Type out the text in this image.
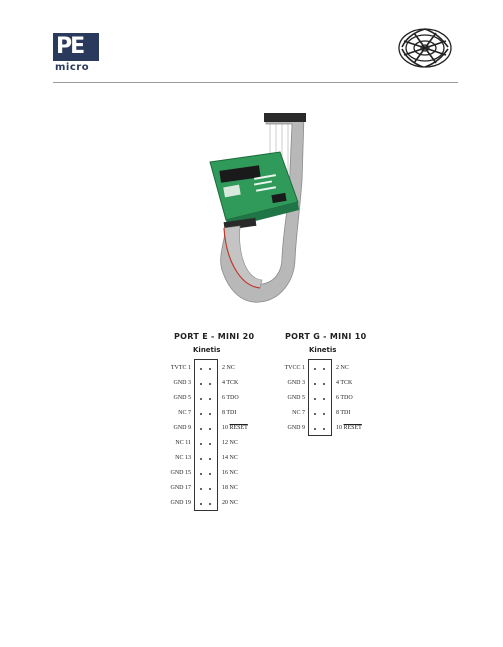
PE
micro
PORT E - MINI 20
Kinetis
TVTC 1	2 NC
GND 3	4 TCK
GND 5	6 TDO
NC 7	8 TDI
GND 9	10 RESET
NC 11	12 NC
NC 13	14 NC
GND 15	16 NC
GND 17	18 NC
GND 19	20 NC
PORT G - MINI 10
Kinetis
TVCC 1	2 NC
GND 3	4 TCK
GND 5	6 TDO
NC 7	8 TDI
GND 9	10 RESET
